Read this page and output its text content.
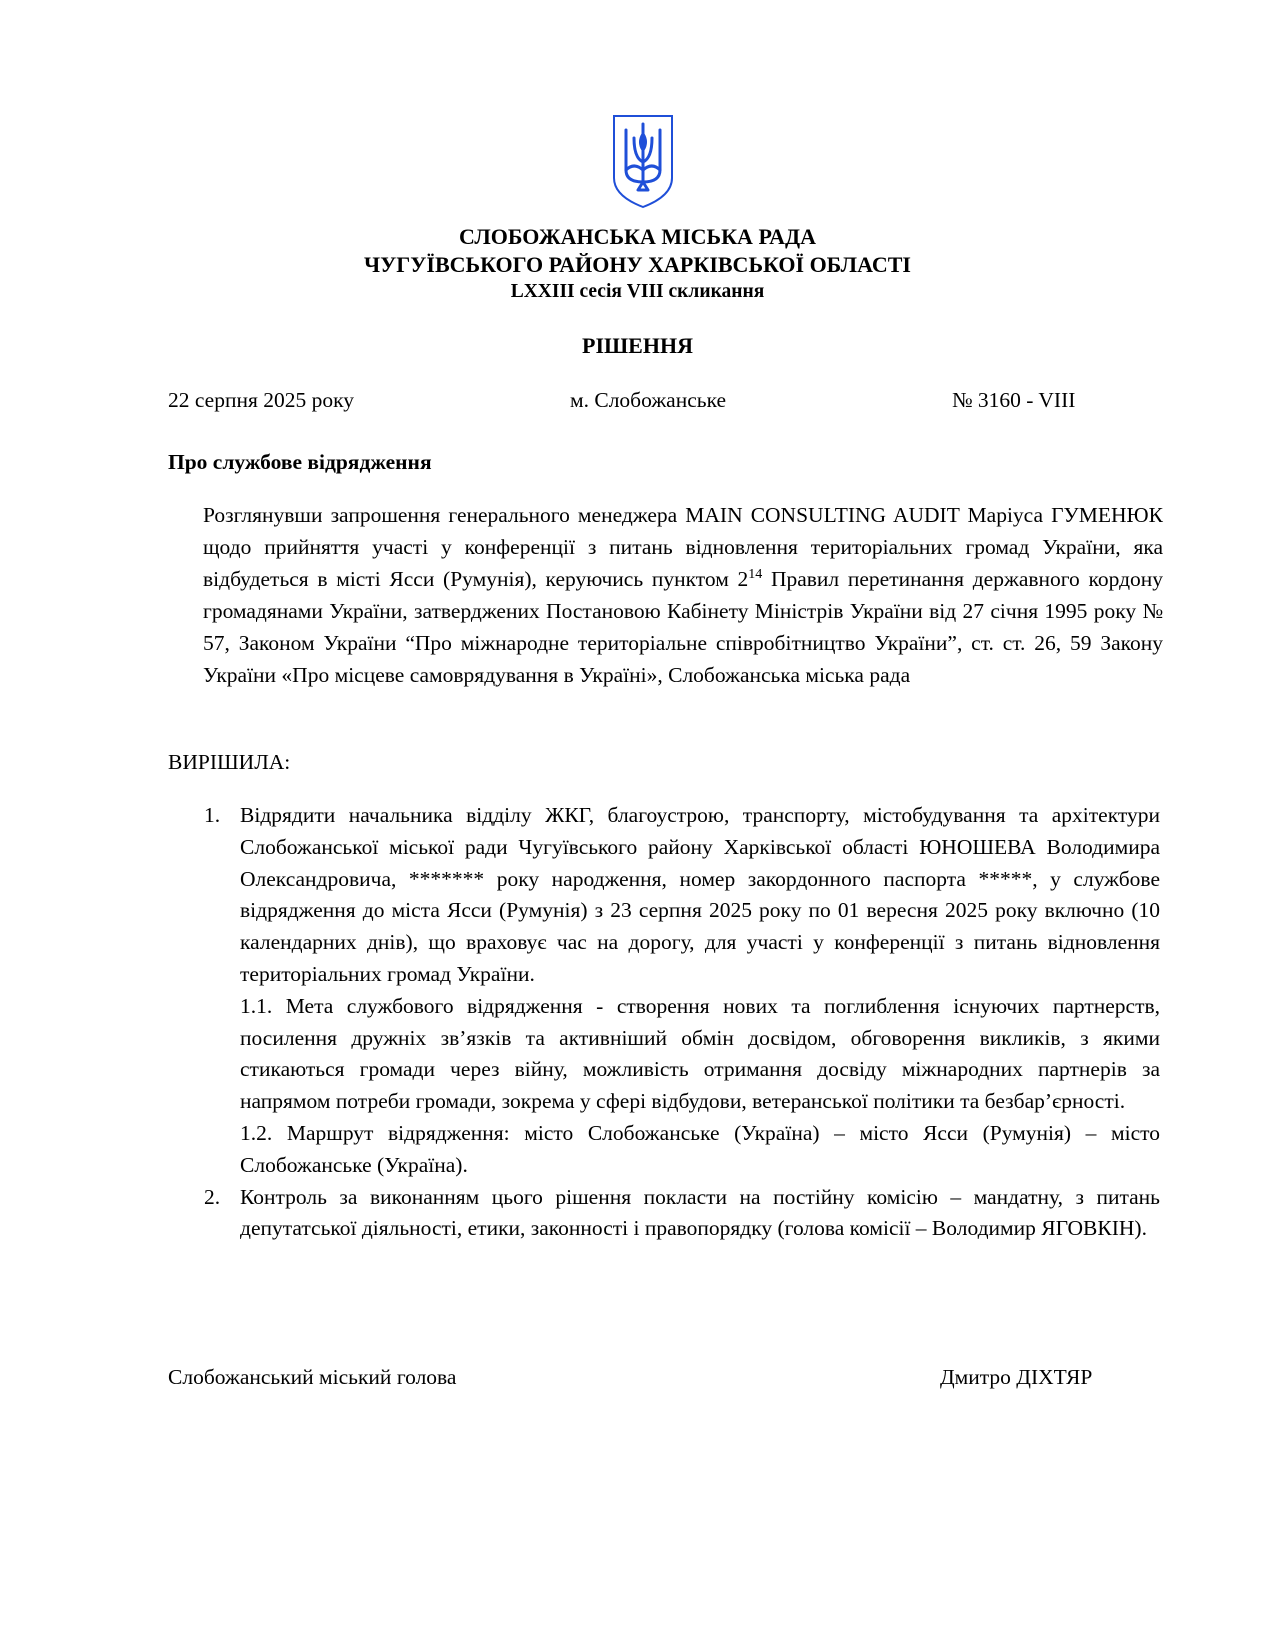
СЛОБОЖАНСЬКА МІСЬКА РАДА
ЧУГУЇВСЬКОГО РАЙОНУ ХАРКІВСЬКОЇ ОБЛАСТІ
LXXIII сесія VIII скликання
РІШЕННЯ
22 серпня 2025 року	м. Слобожанське	№ 3160 - VIII
Про службове відрядження
Розглянувши запрошення генерального менеджера MAIN CONSULTING AUDIT Маріуса ГУМЕНЮК щодо прийняття участі у конференції з питань відновлення територіальних громад України, яка відбудеться в місті Ясси (Румунія), керуючись пунктом $2^{14}$ Правил перетинання державного кордону громадянами України, затверджених Постановою Кабінету Міністрів України від 27 січня 1995 року № 57, Законом України “Про міжнародне територіальне співробітництво України”, ст. ст. 26, 59 Закону України «Про місцеве самоврядування в Україні», Слобожанська міська рада
ВИРІШИЛА:
1. Відрядити начальника відділу ЖКГ, благоустрою, транспорту, містобудування та архітектури Слобожанської міської ради Чугуївського району Харківської області ЮНОШЕВА Володимира Олександровича, ******* року народження, номер закордонного паспорта *****, у службове відрядження до міста Ясси (Румунія) з 23 серпня 2025 року по 01 вересня 2025 року включно (10 календарних днів), що враховує час на дорогу, для участі у конференції з питань відновлення територіальних громад України.
1.1. Мета службового відрядження - створення нових та поглиблення існуючих партнерств, посилення дружніх зв’язків та активніший обмін досвідом, обговорення викликів, з якими стикаються громади через війну, можливість отримання досвіду міжнародних партнерів за напрямом потреби громади, зокрема у сфері відбудови, ветеранської політики та безбар’єрності.
1.2. Маршрут відрядження: місто Слобожанське (Україна) – місто Ясси (Румунія) – місто Слобожанське (Україна).
2. Контроль за виконанням цього рішення покласти на постійну комісію – мандатну, з питань депутатської діяльності, етики, законності і правопорядку (голова комісії – Володимир ЯГОВКІН).
Слобожанський міський голова	Дмитро ДІХТЯР
